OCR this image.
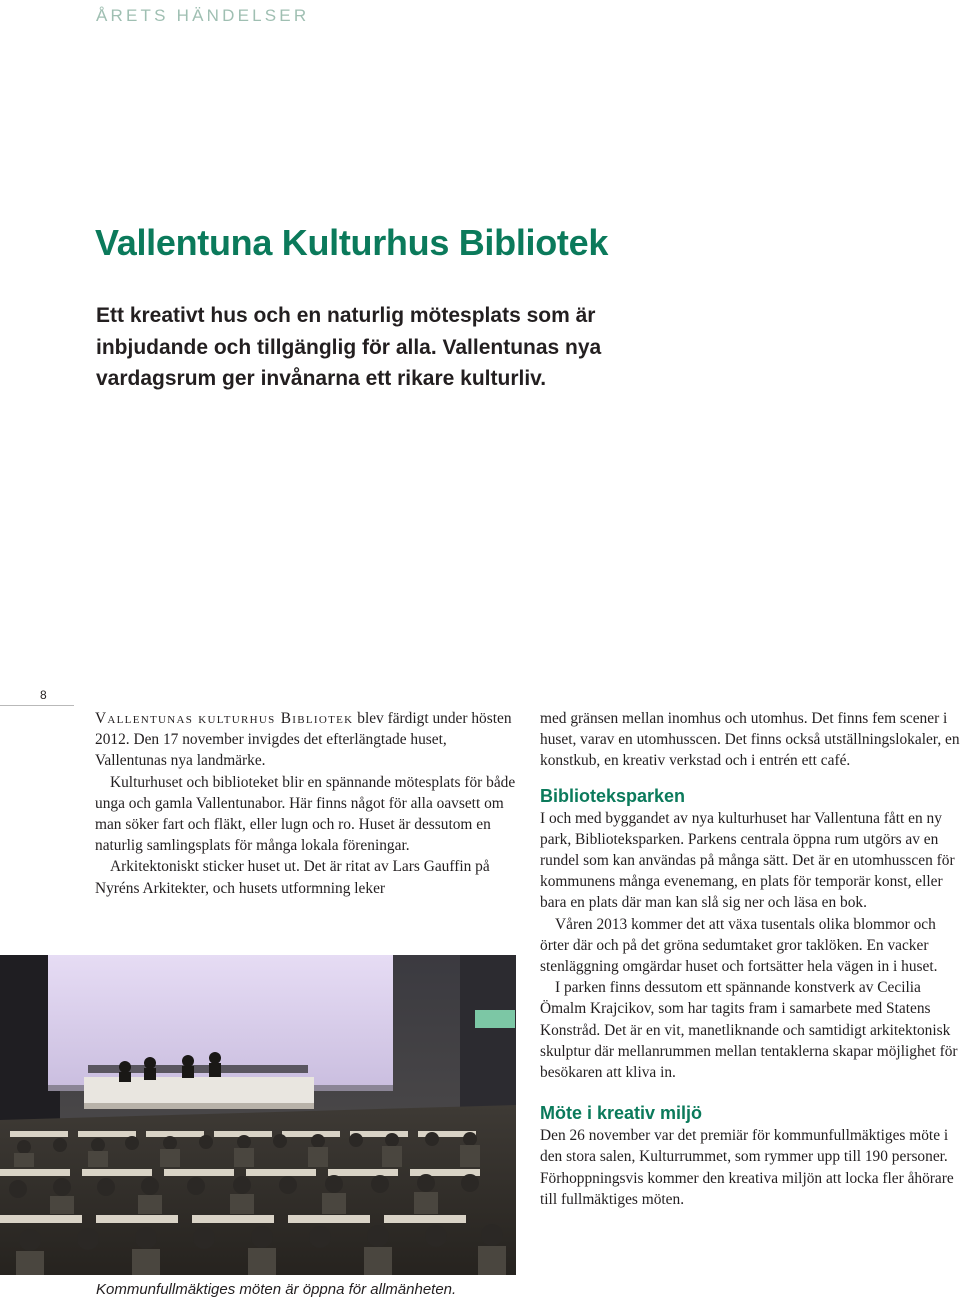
ÅRETS HÄNDELSER
Vallentuna Kulturhus Bibliotek

Ett kreativt hus och en naturlig mötesplats som är inbjudande och tillgänglig för alla. Vallentunas nya vardagsrum ger invånarna ett rikare kulturliv.

8

Vallentunas kulturhus Bibliotek blev färdigt under hösten 2012. Den 17 november invigdes det efterlängtade huset, Vallentunas nya landmärke.

Kulturhuset och biblioteket blir en spännande mötesplats för både unga och gamla Vallentunabor. Här finns något för alla oavsett om man söker fart och fläkt, eller lugn och ro. Huset är dessutom en naturlig samlingsplats för många lokala föreningar.

Arkitektoniskt sticker huset ut. Det är ritat av Lars Gauffin på Nyréns Arkitekter, och husets utformning leker

med gränsen mellan inomhus och utomhus. Det finns fem scener i huset, varav en utomhusscen. Det finns också utställningslokaler, en konstkub, en kreativ verkstad och i entrén ett café.

Biblioteksparken

I och med byggandet av nya kulturhuset har Vallentuna fått en ny park, Biblioteksparken. Parkens centrala öppna rum utgörs av en rundel som kan användas på många sätt. Det är en utomhusscen för kommunens många evenemang, en plats för temporär konst, eller bara en plats där man kan slå sig ner och läsa en bok.

Våren 2013 kommer det att växa tusentals olika blommor och örter där och på det gröna sedumtaket gror taklöken. En vacker stenläggning omgärdar huset och fortsätter hela vägen in i huset.

I parken finns dessutom ett spännande konstverk av Cecilia Ömalm Krajcikov, som har tagits fram i samarbete med Statens Konstråd. Det är en vit, manetliknande och samtidigt arkitektonisk skulptur där mellanrummen mellan tentaklerna skapar möjlighet för besökaren att kliva in.

Möte i kreativ miljö

Den 26 november var det premiär för kommunfullmäktiges möte i den stora salen, Kulturrummet, som rymmer upp till 190 personer. Förhoppningsvis kommer den kreativa miljön att locka fler åhörare till fullmäktiges möten.

Kommunfullmäktiges möten är öppna för allmänheten.
